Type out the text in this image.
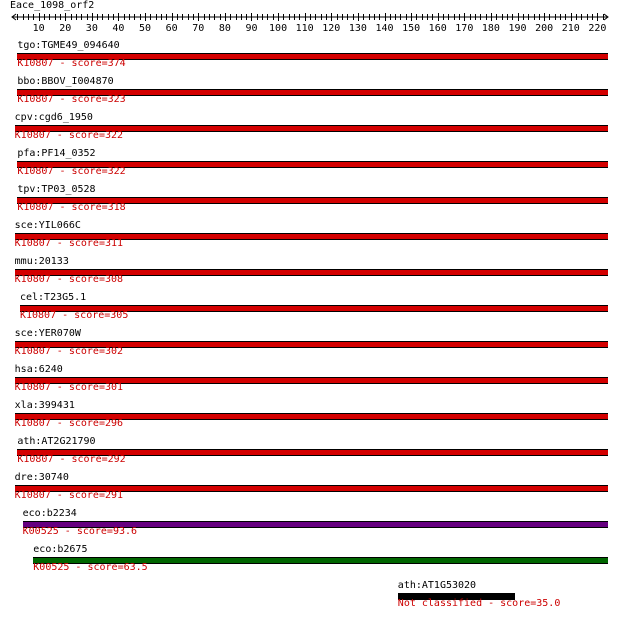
Eace_1098_orf2
10 20 30 40 50 60 70 80 90 100 110 120 130 140 150 160 170 180 190 200 210 220
tgo:TGME49_094640
K10807 - score=374
bbo:BBOV_I004870
K10807 - score=323
cpv:cgd6_1950
K10807 - score=322
pfa:PF14_0352
K10807 - score=322
tpv:TP03_0528
K10807 - score=318
sce:YIL066C
K10807 - score=311
mmu:20133
K10807 - score=308
cel:T23G5.1
K10807 - score=305
sce:YER070W
K10807 - score=302
hsa:6240
K10807 - score=301
xla:399431
K10807 - score=296
ath:AT2G21790
K10807 - score=292
dre:30740
K10807 - score=291
eco:b2234
K00525 - score=93.6
eco:b2675
K00525 - score=63.5
ath:AT1G53020
Not classified - score=35.0
